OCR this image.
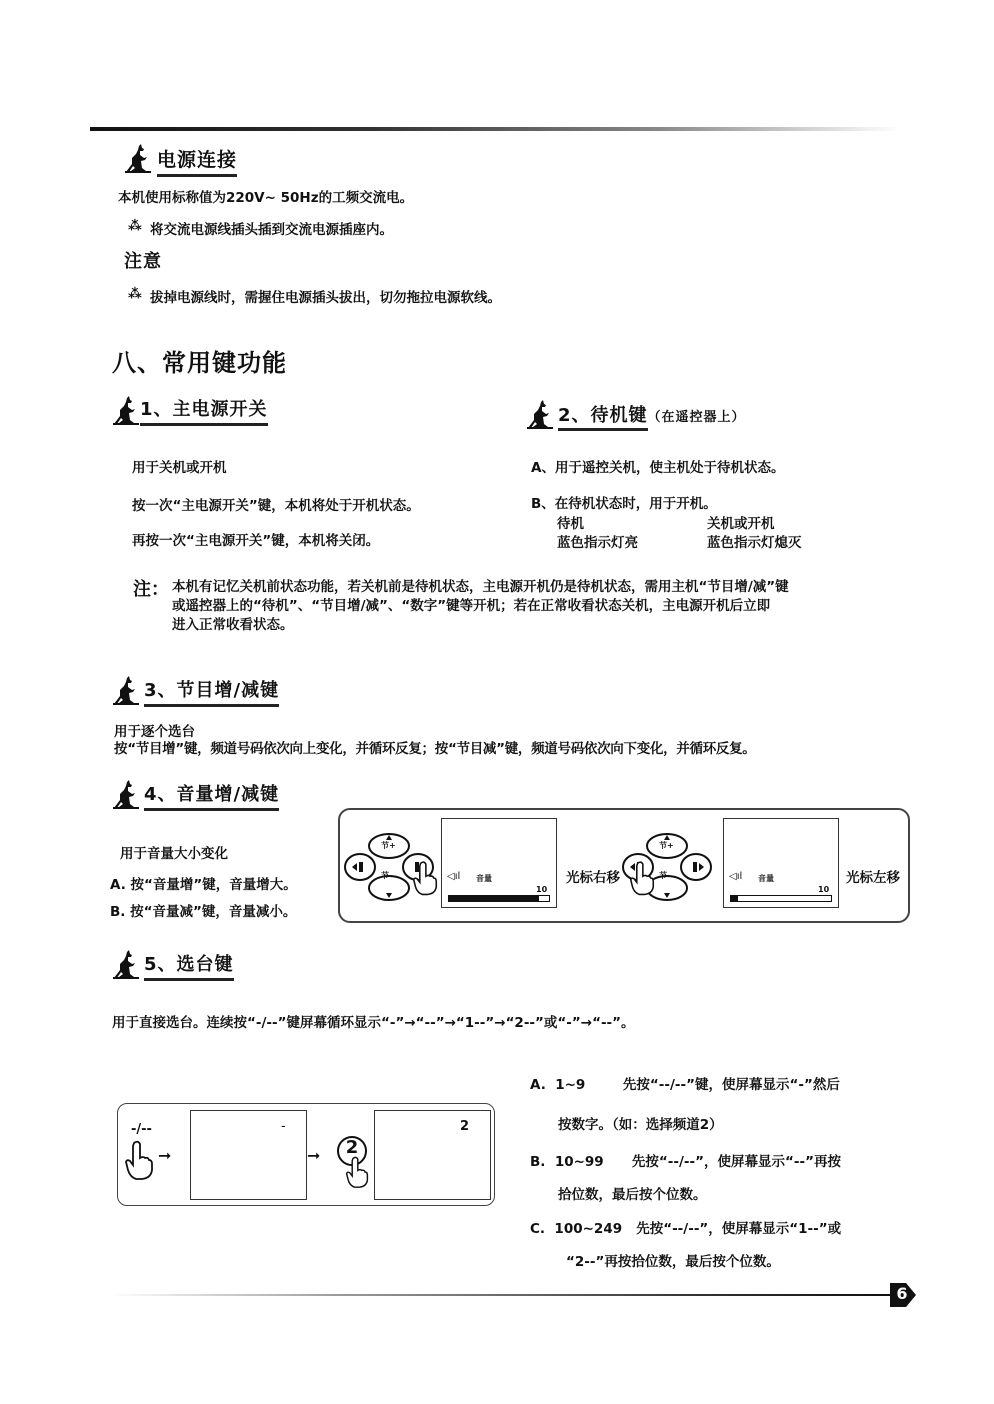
电源连接
本机使用标称值为220V~ 50Hz的工频交流电。
⁂ 将交流电源线插头插到交流电源插座内。
注意
⁂ 拔掉电源线时，需握住电源插头拔出，切勿拖拉电源软线。
八、常用键功能
1、主电源开关
用于关机或开机
按一次“主电源开关”键，本机将处于开机状态。
再按一次“主电源开关”键，本机将关闭。
2、待机键（在遥控器上）
A、用于遥控关机，使主机处于待机状态。
B、在待机状态时，用于开机。
待机	关机或开机
蓝色指示灯亮	蓝色指示灯熄灭
注： 本机有记忆关机前状态功能，若关机前是待机状态，主电源开机仍是待机状态，需用主机“节目增/减”键
或遥控器上的“待机”、“节目增/减”、“数字”键等开机；若在正常收看状态关机，主电源开机后立即
进入正常收看状态。
3、节目增/减键
用于逐个选台
按“节目增”键，频道号码依次向上变化，并循环反复；按“节目减”键，频道号码依次向下变化，并循环反复。
4、音量增/减键
用于音量大小变化
A. 按“音量增”键，音量增大。
B. 按“音量减”键，音量减小。
节+
节-	◁ıl 音量
10
光标右移
节+
节-	◁ıl 音量
10
光标左移
5、选台键
用于直接选台。连续按“-/--”键屏幕循环显示“-”→“--”→“1--”→“2--”或“-”→“--”。
-/--
➞
-
➞	2
2
A.  1~9        先按“--/--”键，使屏幕显示“-”然后
按数字。（如：选择频道2）
B.  10~99      先按“--/--”，使屏幕显示“--”再按
拾位数，最后按个位数。
C.  100~249   先按“--/--”，使屏幕显示“1--”或
“2--”再按拾位数，最后按个位数。
6
